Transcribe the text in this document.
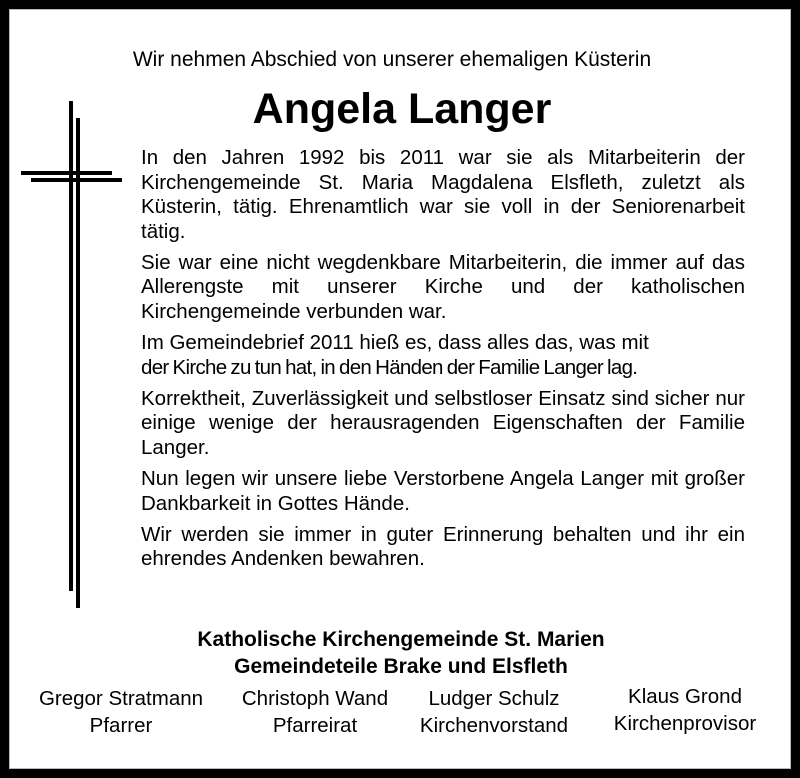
Wir nehmen Abschied von unserer ehemaligen Küsterin
Angela Langer

In den Jahren 1992 bis 2011 war sie als Mitarbeiterin der Kirchengemeinde St. Maria Magdalena Elsfleth, zuletzt als Küsterin, tätig. Ehrenamtlich war sie voll in der Seniorenarbeit tätig.

Sie war eine nicht wegdenkbare Mitarbeiterin, die immer auf das Allerengste mit unserer Kirche und der katholischen Kirchengemeinde verbunden war.

Im Gemeindebrief 2011 hieß es, dass alles das, was mit
der Kirche zu tun hat, in den Händen der Familie Langer lag.

Korrektheit, Zuverlässigkeit und selbstloser Einsatz sind sicher nur einige wenige der herausragenden Eigenschaften der Familie Langer.

Nun legen wir unsere liebe Verstorbene Angela Langer mit großer Dankbarkeit in Gottes Hände.

Wir werden sie immer in guter Erinnerung behalten und ihr ein ehrendes Andenken bewahren.

Katholische Kirchengemeinde St. Marien
Gemeindeteile Brake und Elsfleth
Gregor Stratmann
Pfarrer
Christoph Wand
Pfarreirat
Ludger Schulz
Kirchenvorstand
Klaus Grond
Kirchenprovisor
